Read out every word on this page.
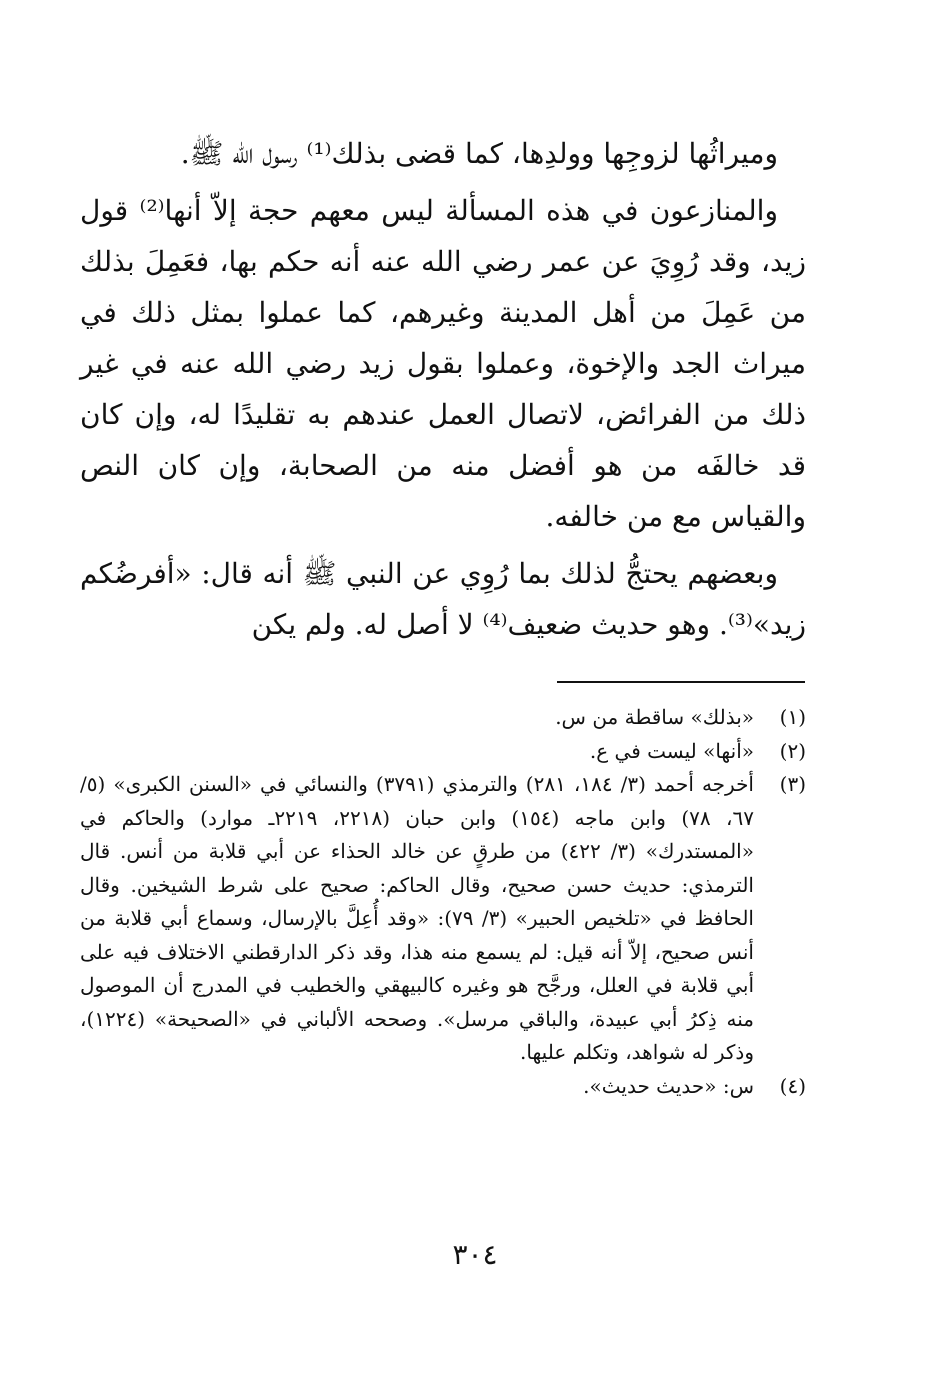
وميراثُها لزوجِها وولدِها، كما قضى بذلك⁽¹⁾ رسول الله ﷺ.

والمنازعون في هذه المسألة ليس معهم حجة إلاّ أنها⁽²⁾ قول زيد، وقد رُوِيَ عن عمر رضي الله عنه أنه حكم بها، فعَمِلَ بذلك من عَمِلَ من أهل المدينة وغيرهم، كما عملوا بمثل ذلك في ميراث الجد والإخوة، وعملوا بقول زيد رضي الله عنه في غير ذلك من الفرائض، لاتصال العمل عندهم به تقليدًا له، وإن كان قد خالفَه من هو أفضل منه من الصحابة، وإن كان النص والقياس مع من خالفه.

وبعضهم يحتجُّ لذلك بما رُوِي عن النبي ﷺ أنه قال: «أفرضُكم زيد»⁽³⁾. وهو حديث ضعيف⁽⁴⁾ لا أصل له. ولم يكن

(١)
«بذلك» ساقطة من س.
(٢)
«أنها» ليست في ع.
(٣)
أخرجه أحمد (٣/ ١٨٤، ٢٨١) والترمذي (٣٧٩١) والنسائي في «السنن الكبرى» (٥/ ٦٧، ٧٨) وابن ماجه (١٥٤) وابن حبان (٢٢١٨، ٢٢١٩ـ موارد) والحاكم في «المستدرك» (٣/ ٤٢٢) من طرقٍ عن خالد الحذاء عن أبي قلابة من أنس. قال الترمذي: حديث حسن صحيح، وقال الحاكم: صحيح على شرط الشيخين. وقال الحافظ في «تلخيص الحبير» (٣/ ٧٩): «وقد أُعِلَّ بالإرسال، وسماع أبي قلابة من أنس صحيح، إلاّ أنه قيل: لم يسمع منه هذا، وقد ذكر الدارقطني الاختلاف فيه على أبي قلابة في العلل، ورجَّح هو وغيره كالبيهقي والخطيب في المدرج أن الموصول منه ذِكرُ أبي عبيدة، والباقي مرسل». وصححه الألباني في «الصحيحة» (١٢٢٤)، وذكر له شواهد، وتكلم عليها.
(٤)
س: «حديث حديث».
٣٠٤
